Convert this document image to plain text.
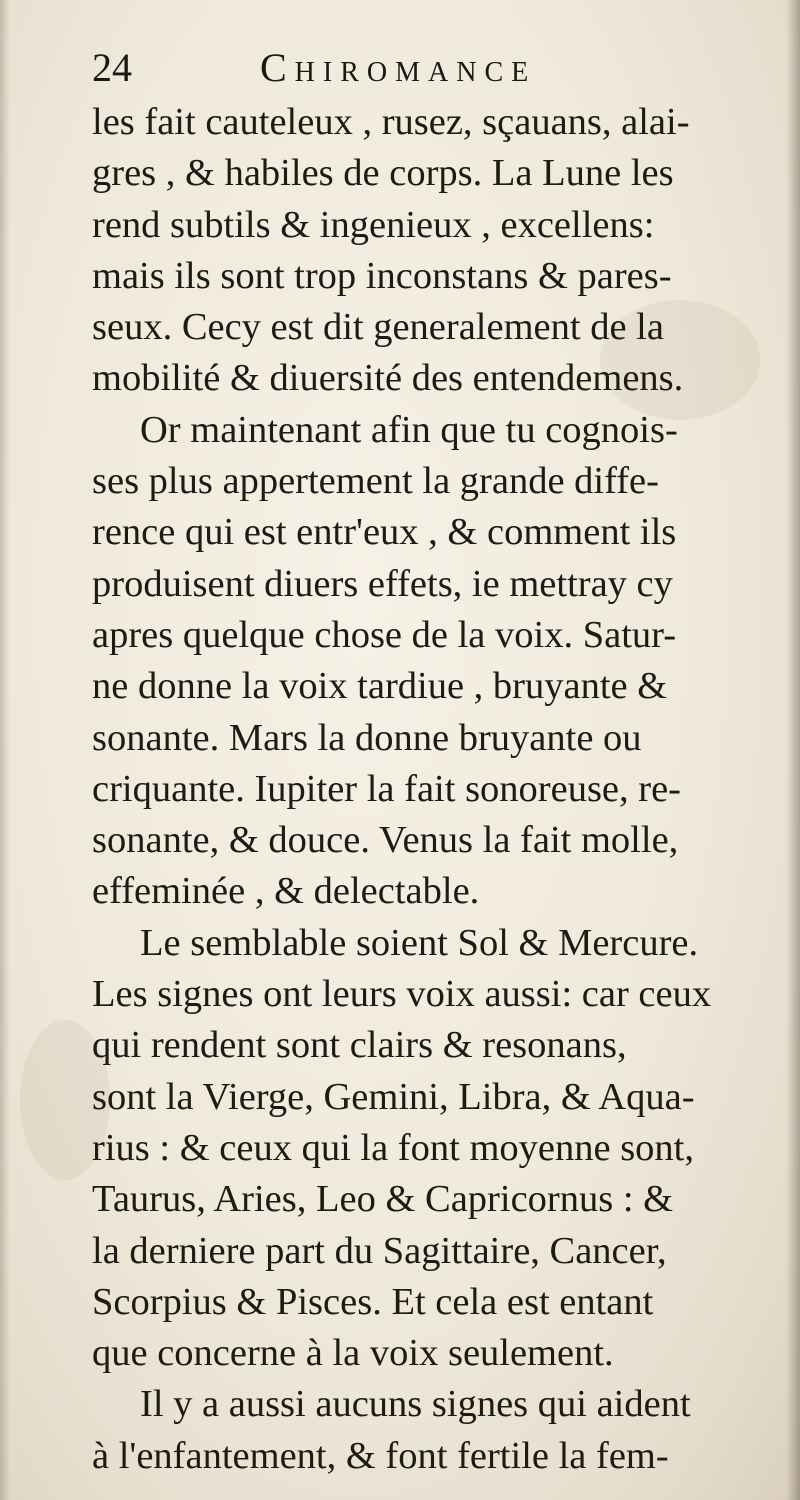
24	Chiromance
les fait cauteleux , rusez, sçauans, alai-
gres , & habiles de corps. La Lune les
rend subtils & ingenieux , excellens:
mais ils sont trop inconstans & pares-
seux. Cecy est dit generalement de la
mobilité & diuersité des entendemens.
Or maintenant afin que tu cognois-
ses plus appertement la grande diffe-
rence qui est entr'eux , & comment ils
produisent diuers effets, ie mettray cy
apres quelque chose de la voix. Satur-
ne donne la voix tardiue , bruyante &
sonante. Mars la donne bruyante ou
criquante. Iupiter la fait sonoreuse, re-
sonante, & douce. Venus la fait molle,
effeminée , & delectable.
Le semblable soient Sol & Mercure.
Les signes ont leurs voix aussi: car ceux
qui rendent sont clairs & resonans,
sont la Vierge, Gemini, Libra, & Aqua-
rius : & ceux qui la font moyenne sont,
Taurus, Aries, Leo & Capricornus : &
la derniere part du Sagittaire, Cancer,
Scorpius & Pisces. Et cela est entant
que concerne à la voix seulement.
Il y a aussi aucuns signes qui aident
à l'enfantement, & font fertile la fem-
